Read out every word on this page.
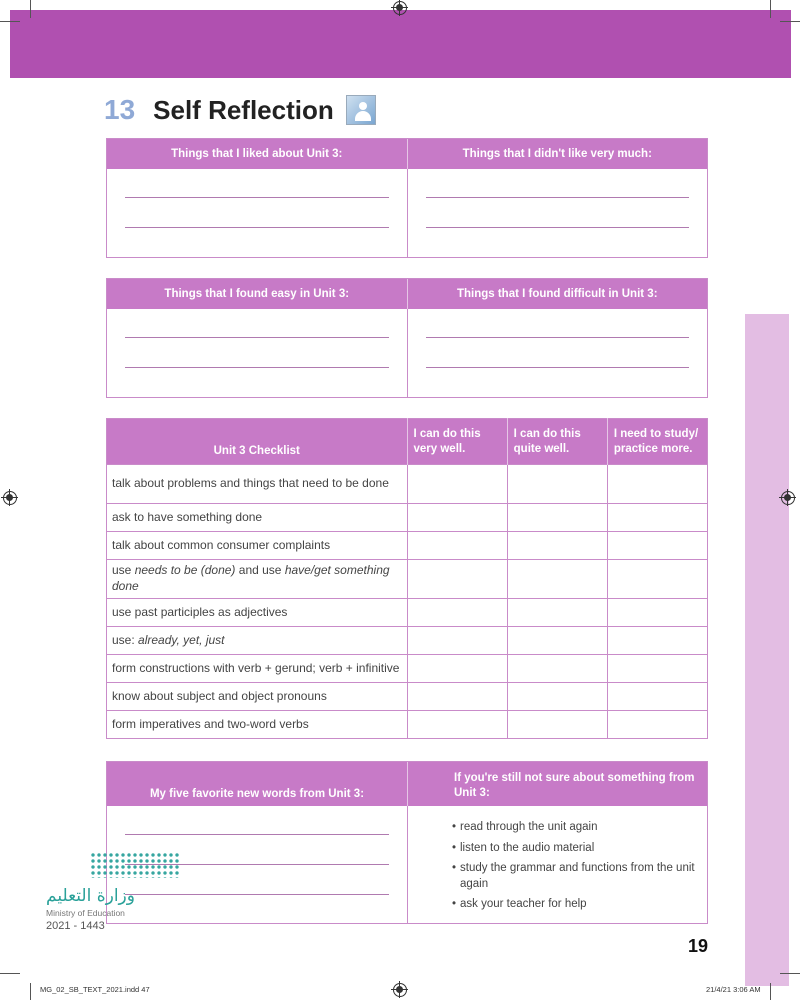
13 Self Reflection
Things that I liked about Unit 3:	Things that I didn't like very much:
Things that I found easy in Unit 3:	Things that I found difficult in Unit 3:
Unit 3 Checklist	I can do this very well.	I can do this quite well.	I need to study/ practice more.
talk about problems and things that need to be done			
ask to have something done			
talk about common consumer complaints			
use needs to be (done) and use have/get something done			
use past participles as adjectives			
use: already, yet, just			
form constructions with verb + gerund; verb + infinitive			
know about subject and object pronouns			
form imperatives and two-word verbs			
My five favorite new words from Unit 3:
If you're still not sure about something from Unit 3:
• read through the unit again
• listen to the audio material
• study the grammar and functions from the unit again
• ask your teacher for help
وزارة التعليم
Ministry of Education
2021 - 1443
19
MG_02_SB_TEXT_2021.indd 47	21/4/21 3:06 AM
